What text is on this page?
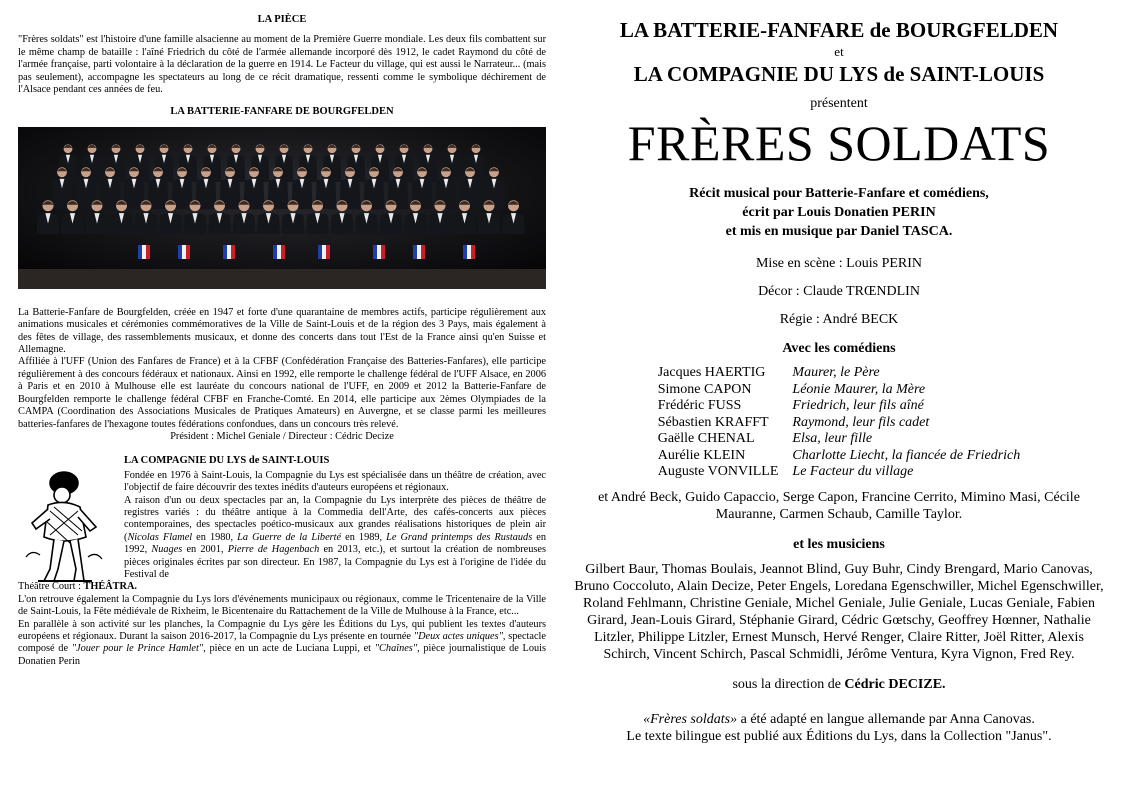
LA PIÈCE

"Frères soldats" est l'histoire d'une famille alsacienne au moment de la Première Guerre mondiale. Les deux fils combattent sur le même champ de bataille : l'aîné Friedrich du côté de l'armée allemande incorporé dès 1912, le cadet Raymond du côté de l'armée française, parti volontaire à la déclaration de la guerre en 1914. Le Facteur du village, qui est aussi le Narrateur... (mais pas seulement), accompagne les spectateurs au long de ce récit dramatique, ressenti comme le symbolique déchirement de l'Alsace pendant ces années de feu.

LA BATTERIE-FANFARE DE BOURGFELDEN

La Batterie-Fanfare de Bourgfelden, créée en 1947 et forte d'une quarantaine de membres actifs, participe régulièrement aux animations musicales et cérémonies commémoratives de la Ville de Saint-Louis et de la région des 3 Pays, mais également à des fêtes de village, des rassemblements musicaux, et donne des concerts dans tout l'Est de la France ainsi qu'en Suisse et Allemagne.

Affiliée à l'UFF (Union des Fanfares de France) et à la CFBF (Confédération Française des Batteries-Fanfares), elle participe régulièrement à des concours fédéraux et nationaux. Ainsi en 1992, elle remporte le challenge fédéral de l'UFF Alsace, en 2006 à Paris et en 2010 à Mulhouse elle est lauréate du concours national de l'UFF, en 2009 et 2012 la Batterie-Fanfare de Bourgfelden remporte le challenge fédéral CFBF en Franche-Comté. En 2014, elle participe aux 2èmes Olympiades de la CAMPA (Coordination des Associations Musicales de Pratiques Amateurs) en Auvergne, et se classe parmi les meilleures batteries-fanfares de l'hexagone toutes fédérations confondues, dans un concours très relevé.

Président : Michel Geniale / Directeur : Cédric Decize

LA COMPAGNIE DU LYS de SAINT-LOUIS

Fondée en 1976 à Saint-Louis, la Compagnie du Lys est spécialisée dans un théâtre de création, avec l'objectif de faire découvrir des textes inédits d'auteurs européens et régionaux.

A raison d'un ou deux spectacles par an, la Compagnie du Lys interprète des pièces de théâtre de registres variés : du théâtre antique à la Commedia dell'Arte, des cafés-concerts aux pièces contemporaines, des spectacles poético-musicaux aux grandes réalisations historiques de plein air (Nicolas Flamel en 1980, La Guerre de la Liberté en 1989, Le Grand printemps des Rustauds en 1992, Nuages en 2001, Pierre de Hagenbach en 2013, etc.), et surtout la création de nombreuses pièces originales écrites par son directeur. En 1987, la Compagnie du Lys est à l'origine de l'idée du Festival de

Théâtre Court : THÉÂTRA.

L'on retrouve également la Compagnie du Lys lors d'événements municipaux ou régionaux, comme le Tricentenaire de la Ville de Saint-Louis, la Fête médiévale de Rixheim, le Bicentenaire du Rattachement de la Ville de Mulhouse à la France, etc...

En parallèle à son activité sur les planches, la Compagnie du Lys gère les Éditions du Lys, qui publient les textes d'auteurs européens et régionaux. Durant la saison 2016-2017, la Compagnie du Lys présente en tournée "Deux actes uniques", spectacle composé de "Jouer pour le Prince Hamlet", pièce en un acte de Luciana Luppi, et "Chaînes", pièce journalistique de Louis Donatien Perin

LA BATTERIE-FANFARE de BOURGFELDEN

et

LA COMPAGNIE DU LYS de SAINT-LOUIS

présentent

FRÈRES SOLDATS

Récit musical pour Batterie-Fanfare et comédiens,

écrit par Louis Donatien PERIN

et mis en musique par Daniel TASCA.

Mise en scène : Louis PERIN

Décor : Claude TRŒNDLIN

Régie : André BECK

Avec les comédiens

Jacques HAERTIG	Maurer, le Père
Simone CAPON	Léonie Maurer, la Mère
Frédéric FUSS	Friedrich, leur fils aîné
Sébastien KRAFFT	Raymond, leur fils cadet
Gaëlle CHENAL	Elsa, leur fille
Aurélie KLEIN	Charlotte Liecht, la fiancée de Friedrich
Auguste VONVILLE	Le Facteur du village

et André Beck, Guido Capaccio, Serge Capon, Francine Cerrito, Mimino Masi, Cécile Mauranne, Carmen Schaub, Camille Taylor.

et les musiciens

Gilbert Baur, Thomas Boulais, Jeannot Blind, Guy Buhr, Cindy Brengard, Mario Canovas, Bruno Coccoluto, Alain Decize, Peter Engels, Loredana Egenschwiller, Michel Egenschwiller, Roland Fehlmann, Christine Geniale, Michel Geniale, Julie Geniale, Lucas Geniale, Fabien Girard, Jean-Louis Girard, Stéphanie Girard, Cédric Gœtschy, Geoffrey Hœnner, Nathalie Litzler, Philippe Litzler, Ernest Munsch, Hervé Renger, Claire Ritter, Joël Ritter, Alexis Schirch, Vincent Schirch, Pascal Schmidli, Jérôme Ventura, Kyra Vignon, Fred Rey.

sous la direction de Cédric DECIZE.

«Frères soldats» a été adapté en langue allemande par Anna Canovas.
Le texte bilingue est publié aux Éditions du Lys, dans la Collection "Janus".
